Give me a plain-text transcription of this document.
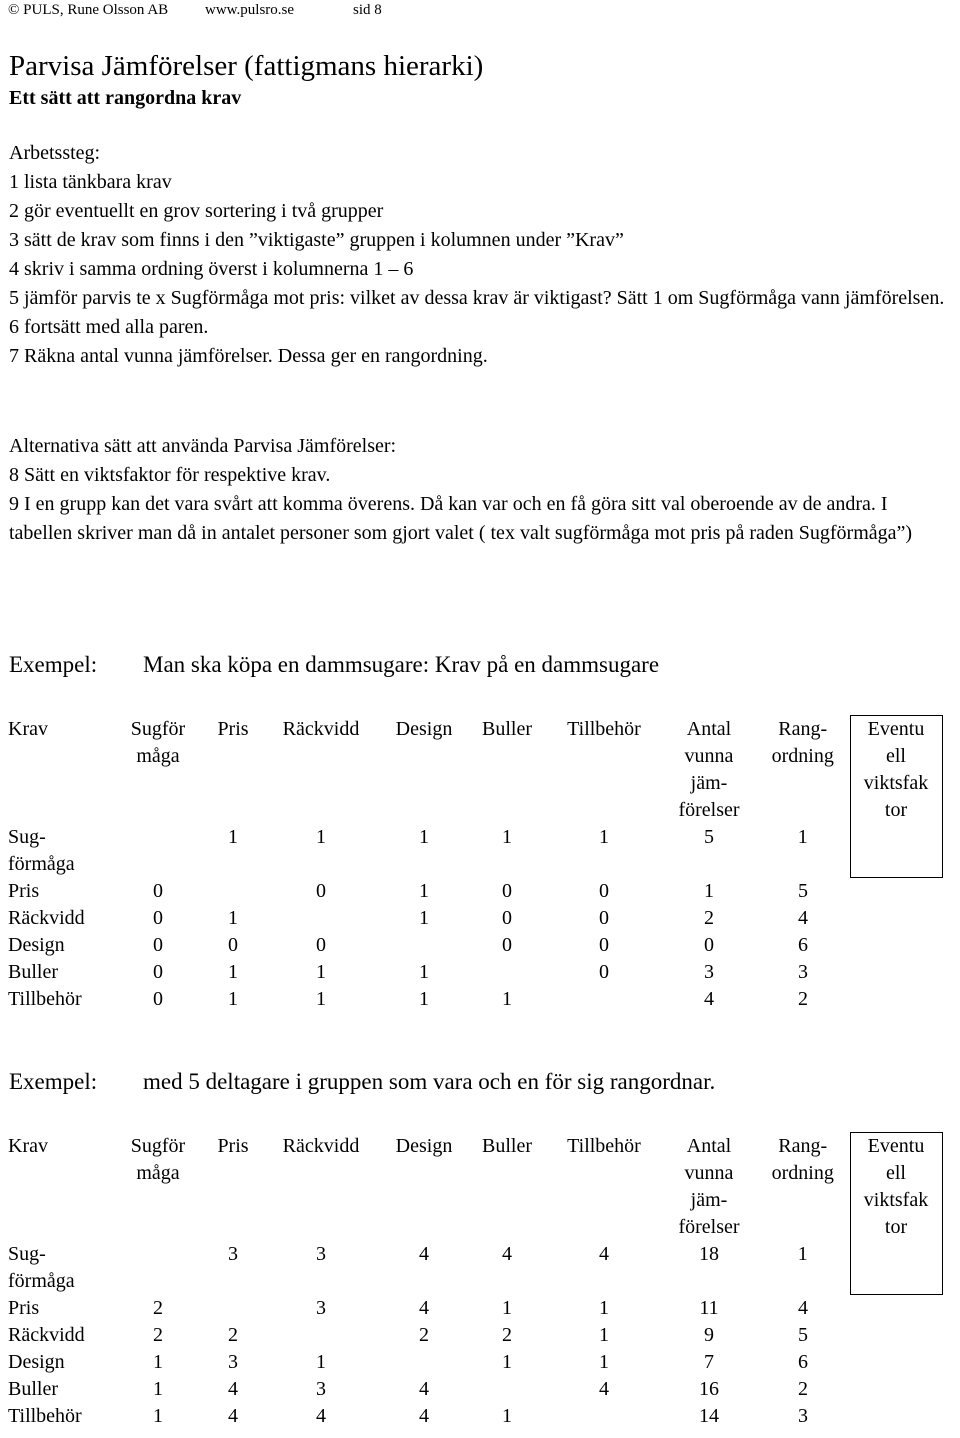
© PULS, Rune Olsson AB www.pulsro.se	sid 8
Parvisa Jämförelser (fattigmans hierarki)
Ett sätt att rangordna krav
Arbetssteg:
1 lista tänkbara krav
2 gör eventuellt en grov sortering i två grupper
3 sätt de krav som finns i den ”viktigaste” gruppen i kolumnen under ”Krav”
4 skriv i samma ordning överst i kolumnerna 1 – 6
5 jämför parvis te x Sugförmåga mot pris: vilket av dessa krav är viktigast? Sätt 1 om Sugförmåga vann jämförelsen.
6 fortsätt med alla paren.
7 Räkna antal vunna jämförelser. Dessa ger en rangordning.
Alternativa sätt att använda Parvisa Jämförelser:
8 Sätt en viktsfaktor för respektive krav.
9 I en grupp kan det vara svårt att komma överens. Då kan var och en få göra sitt val oberoende av de andra. I tabellen skriver man då in antalet personer som gjort valet ( tex valt sugförmåga mot pris på raden Sugförmåga”)
Exempel: Man ska köpa en dammsugare: Krav på en dammsugare
Krav	Sugför
måga	Pris	Räckvidd	Design	Buller	Tillbehör	Antal
vunna
jäm-
förelser	Rang-
ordning	Eventu
ell
viktsfak
tor
Sug-
förmåga		1	1	1	1	1	5	1	
Pris	0		0	1	0	0	1	5	
Räckvidd	0	1		1	0	0	2	4	
Design	0	0	0		0	0	0	6	
Buller	0	1	1	1		0	3	3	
Tillbehör	0	1	1	1	1		4	2	
Exempel: med 5 deltagare i gruppen som vara och en för sig rangordnar.
Krav	Sugför
måga	Pris	Räckvidd	Design	Buller	Tillbehör	Antal
vunna
jäm-
förelser	Rang-
ordning	Eventu
ell
viktsfak
tor
Sug-
förmåga		3	3	4	4	4	18	1	
Pris	2		3	4	1	1	11	4	
Räckvidd	2	2		2	2	1	9	5	
Design	1	3	1		1	1	7	6	
Buller	1	4	3	4		4	16	2	
Tillbehör	1	4	4	4	1		14	3	
